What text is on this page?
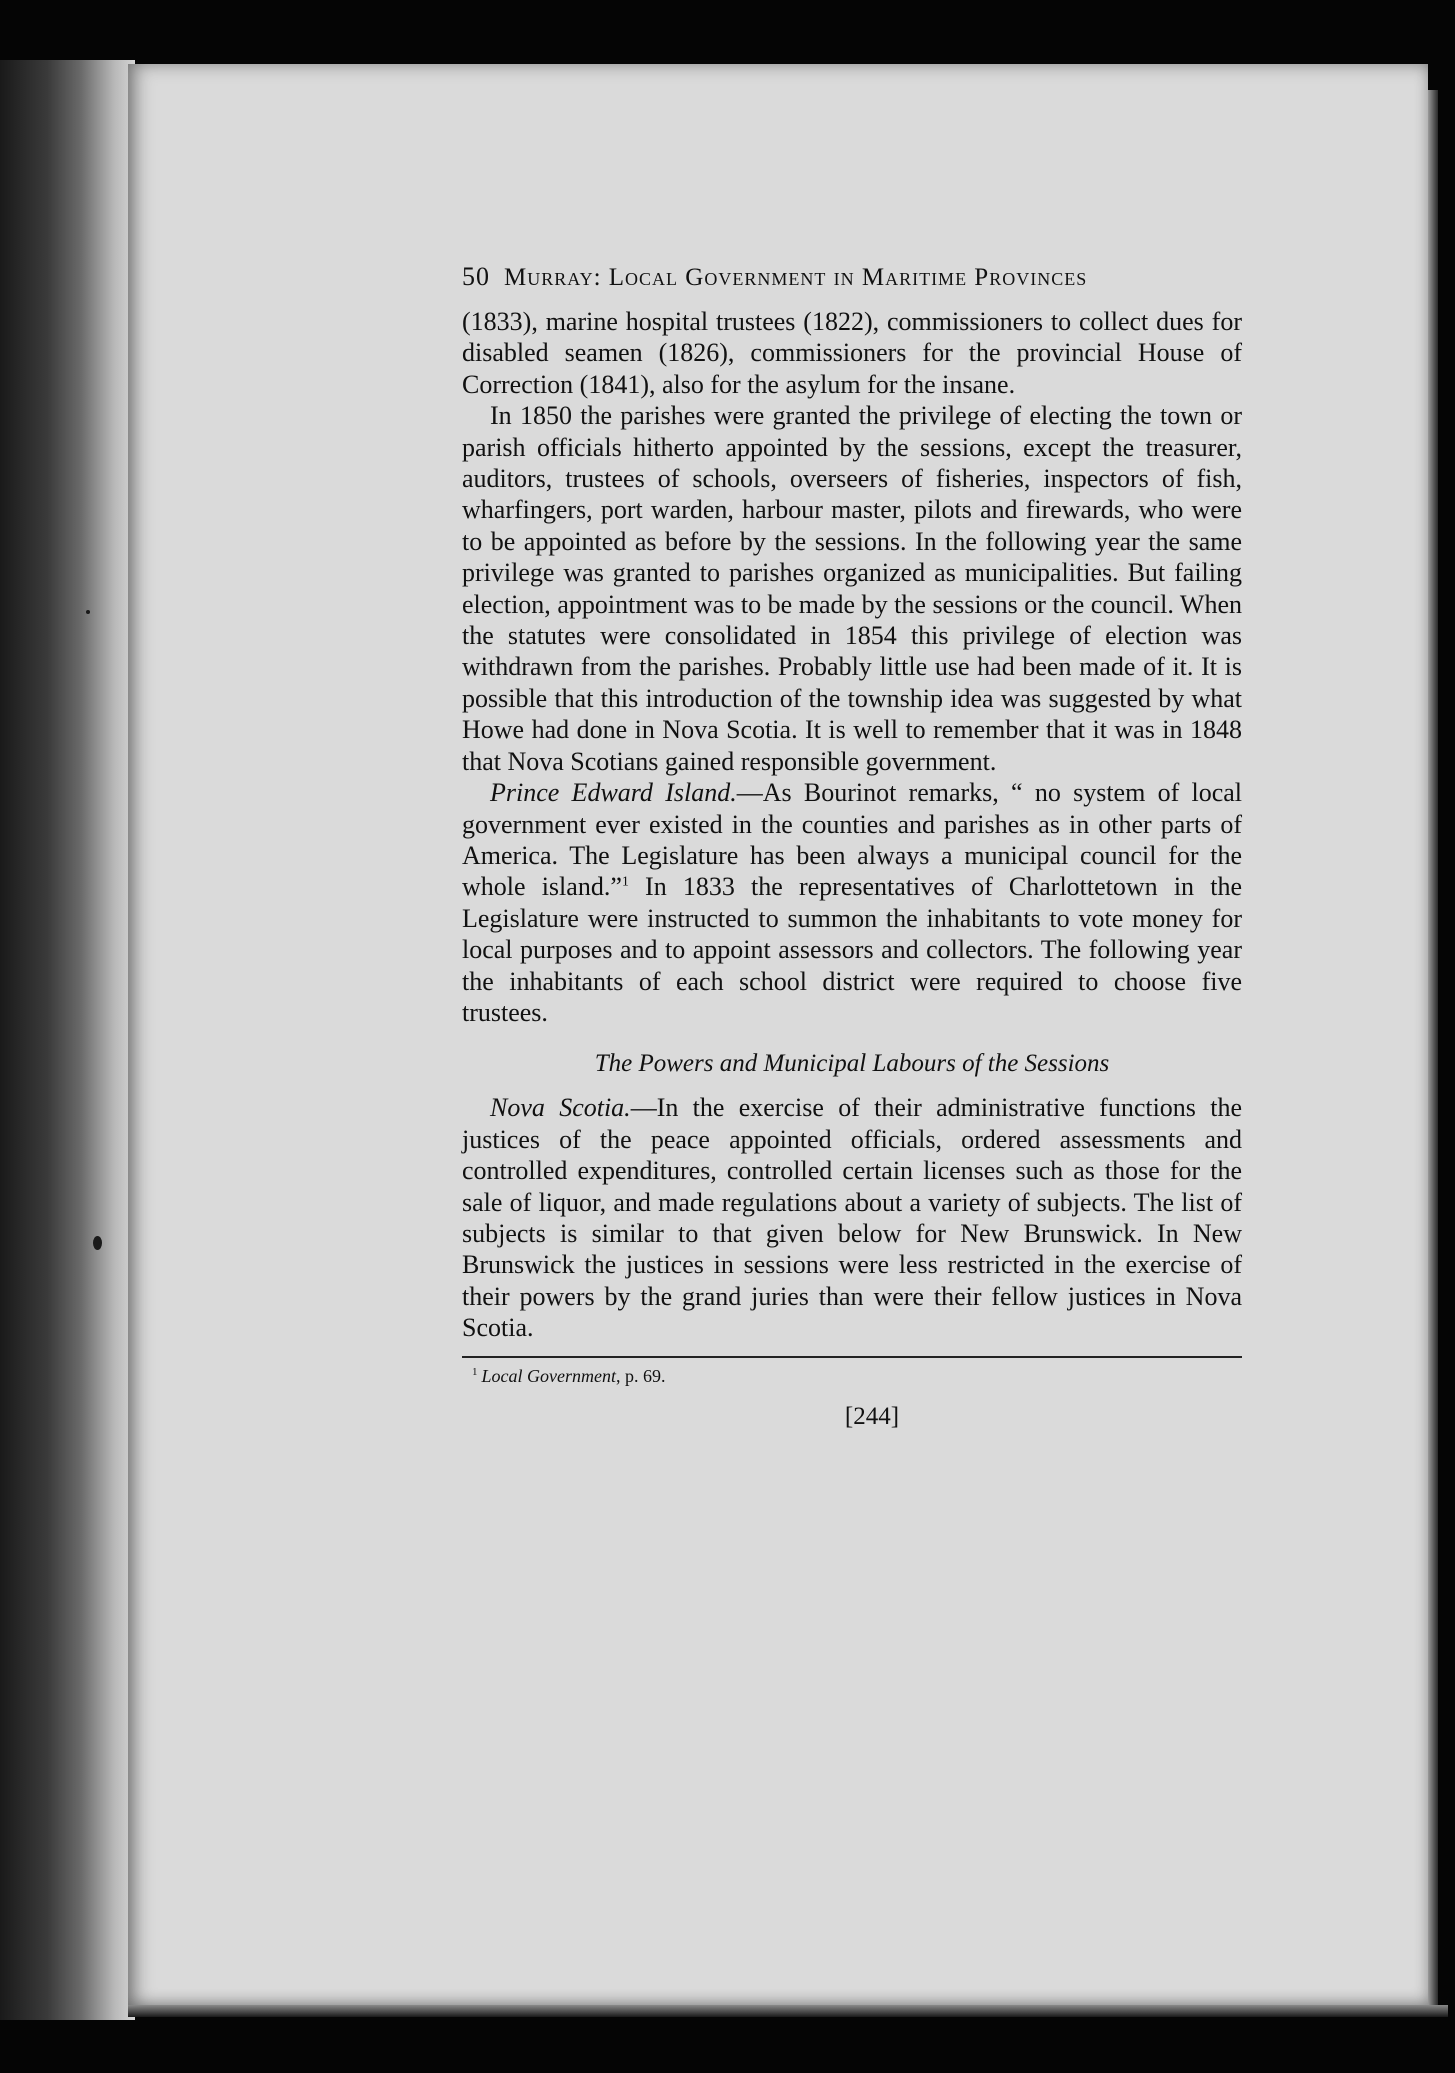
50 Murray: Local Government in Maritime Provinces

(1833), marine hospital trustees (1822), commissioners to collect dues for disabled seamen (1826), commissioners for the provincial House of Correction (1841), also for the asylum for the insane.

In 1850 the parishes were granted the privilege of electing the town or parish officials hitherto appointed by the sessions, except the treasurer, auditors, trustees of schools, overseers of fisheries, inspectors of fish, wharfingers, port warden, harbour master, pilots and firewards, who were to be appointed as before by the sessions. In the following year the same privilege was granted to parishes organized as municipalities. But failing election, appointment was to be made by the sessions or the council. When the statutes were consolidated in 1854 this privilege of election was withdrawn from the parishes. Probably little use had been made of it. It is possible that this introduction of the township idea was suggested by what Howe had done in Nova Scotia. It is well to remember that it was in 1848 that Nova Scotians gained responsible government.

Prince Edward Island.—As Bourinot remarks, “ no system of local government ever existed in the counties and parishes as in other parts of America. The Legislature has been always a municipal council for the whole island.”$^1$ In 1833 the representatives of Charlottetown in the Legislature were instructed to summon the inhabitants to vote money for local purposes and to appoint assessors and collectors. The following year the inhabitants of each school district were required to choose five trustees.

The Powers and Municipal Labours of the Sessions

Nova Scotia.—In the exercise of their administrative functions the justices of the peace appointed officials, ordered assessments and controlled expenditures, controlled certain licenses such as those for the sale of liquor, and made regulations about a variety of subjects. The list of subjects is similar to that given below for New Brunswick. In New Brunswick the justices in sessions were less restricted in the exercise of their powers by the grand juries than were their fellow justices in Nova Scotia.

$^1$ Local Government, p. 69.
[244]
